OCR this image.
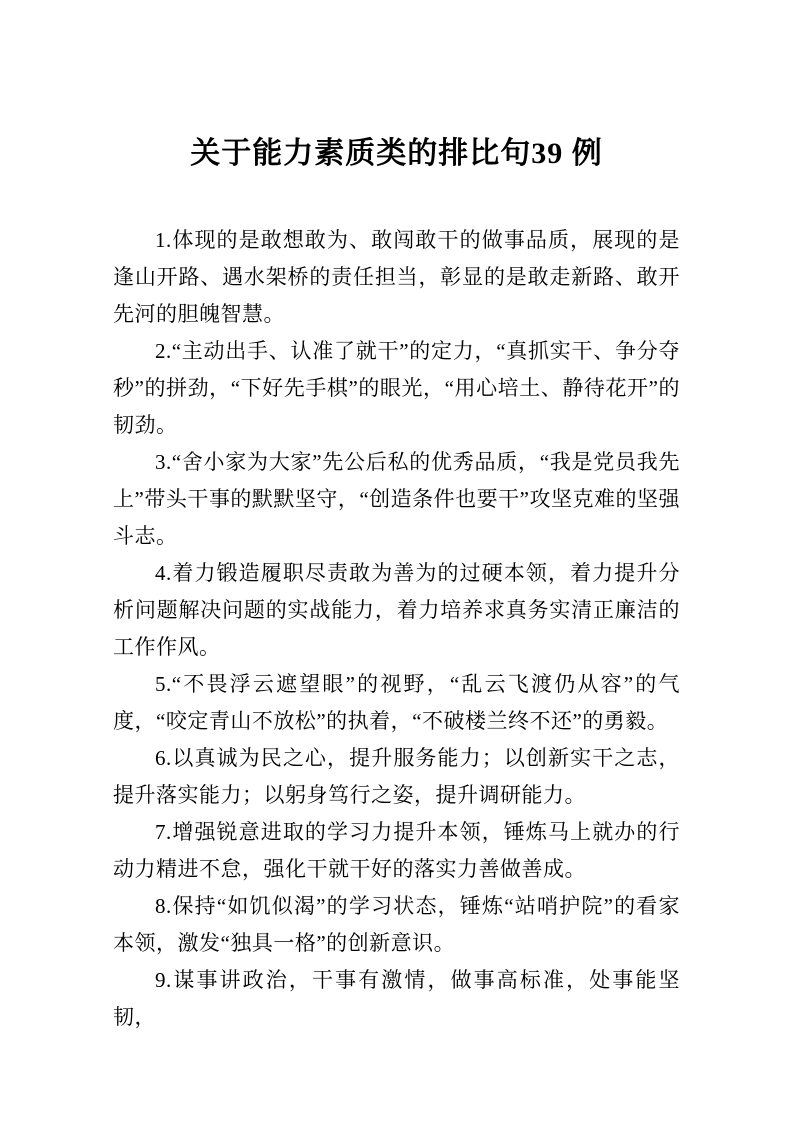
关于能力素质类的排比句39 例

1.体现的是敢想敢为、敢闯敢干的做事品质，展现的是逢山开路、遇水架桥的责任担当，彰显的是敢走新路、敢开先河的胆魄智慧。

2.“主动出手、认准了就干”的定力，“真抓实干、争分夺秒”的拼劲，“下好先手棋”的眼光，“用心培土、静待花开”的韧劲。

3.“舍小家为大家”先公后私的优秀品质，“我是党员我先上”带头干事的默默坚守，“创造条件也要干”攻坚克难的坚强斗志。

4.着力锻造履职尽责敢为善为的过硬本领，着力提升分析问题解决问题的实战能力，着力培养求真务实清正廉洁的工作作风。

5.“不畏浮云遮望眼”的视野，“乱云飞渡仍从容”的气度，“咬定青山不放松”的执着，“不破楼兰终不还”的勇毅。

6.以真诚为民之心，提升服务能力；以创新实干之志，提升落实能力；以躬身笃行之姿，提升调研能力。

7.增强锐意进取的学习力提升本领，锤炼马上就办的行动力精进不怠，强化干就干好的落实力善做善成。

8.保持“如饥似渴”的学习状态，锤炼“站哨护院”的看家本领，激发“独具一格”的创新意识。

9.谋事讲政治，干事有激情，做事高标准，处事能坚韧，
